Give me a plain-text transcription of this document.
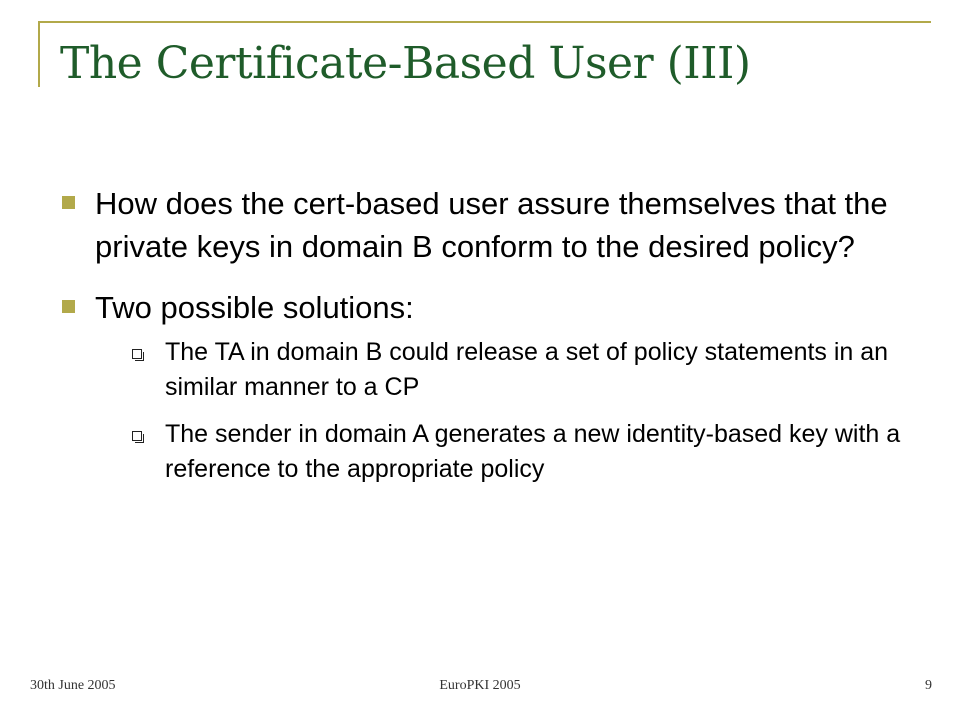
The Certificate-Based User (III)
How does the cert-based user assure themselves that the private keys in domain B conform to the desired policy?
Two possible solutions:
The TA in domain B could release a set of policy statements in an similar manner to a CP
The sender in domain A generates a new identity-based key with a reference to the appropriate policy
30th June 2005	EuroPKI 2005	9
